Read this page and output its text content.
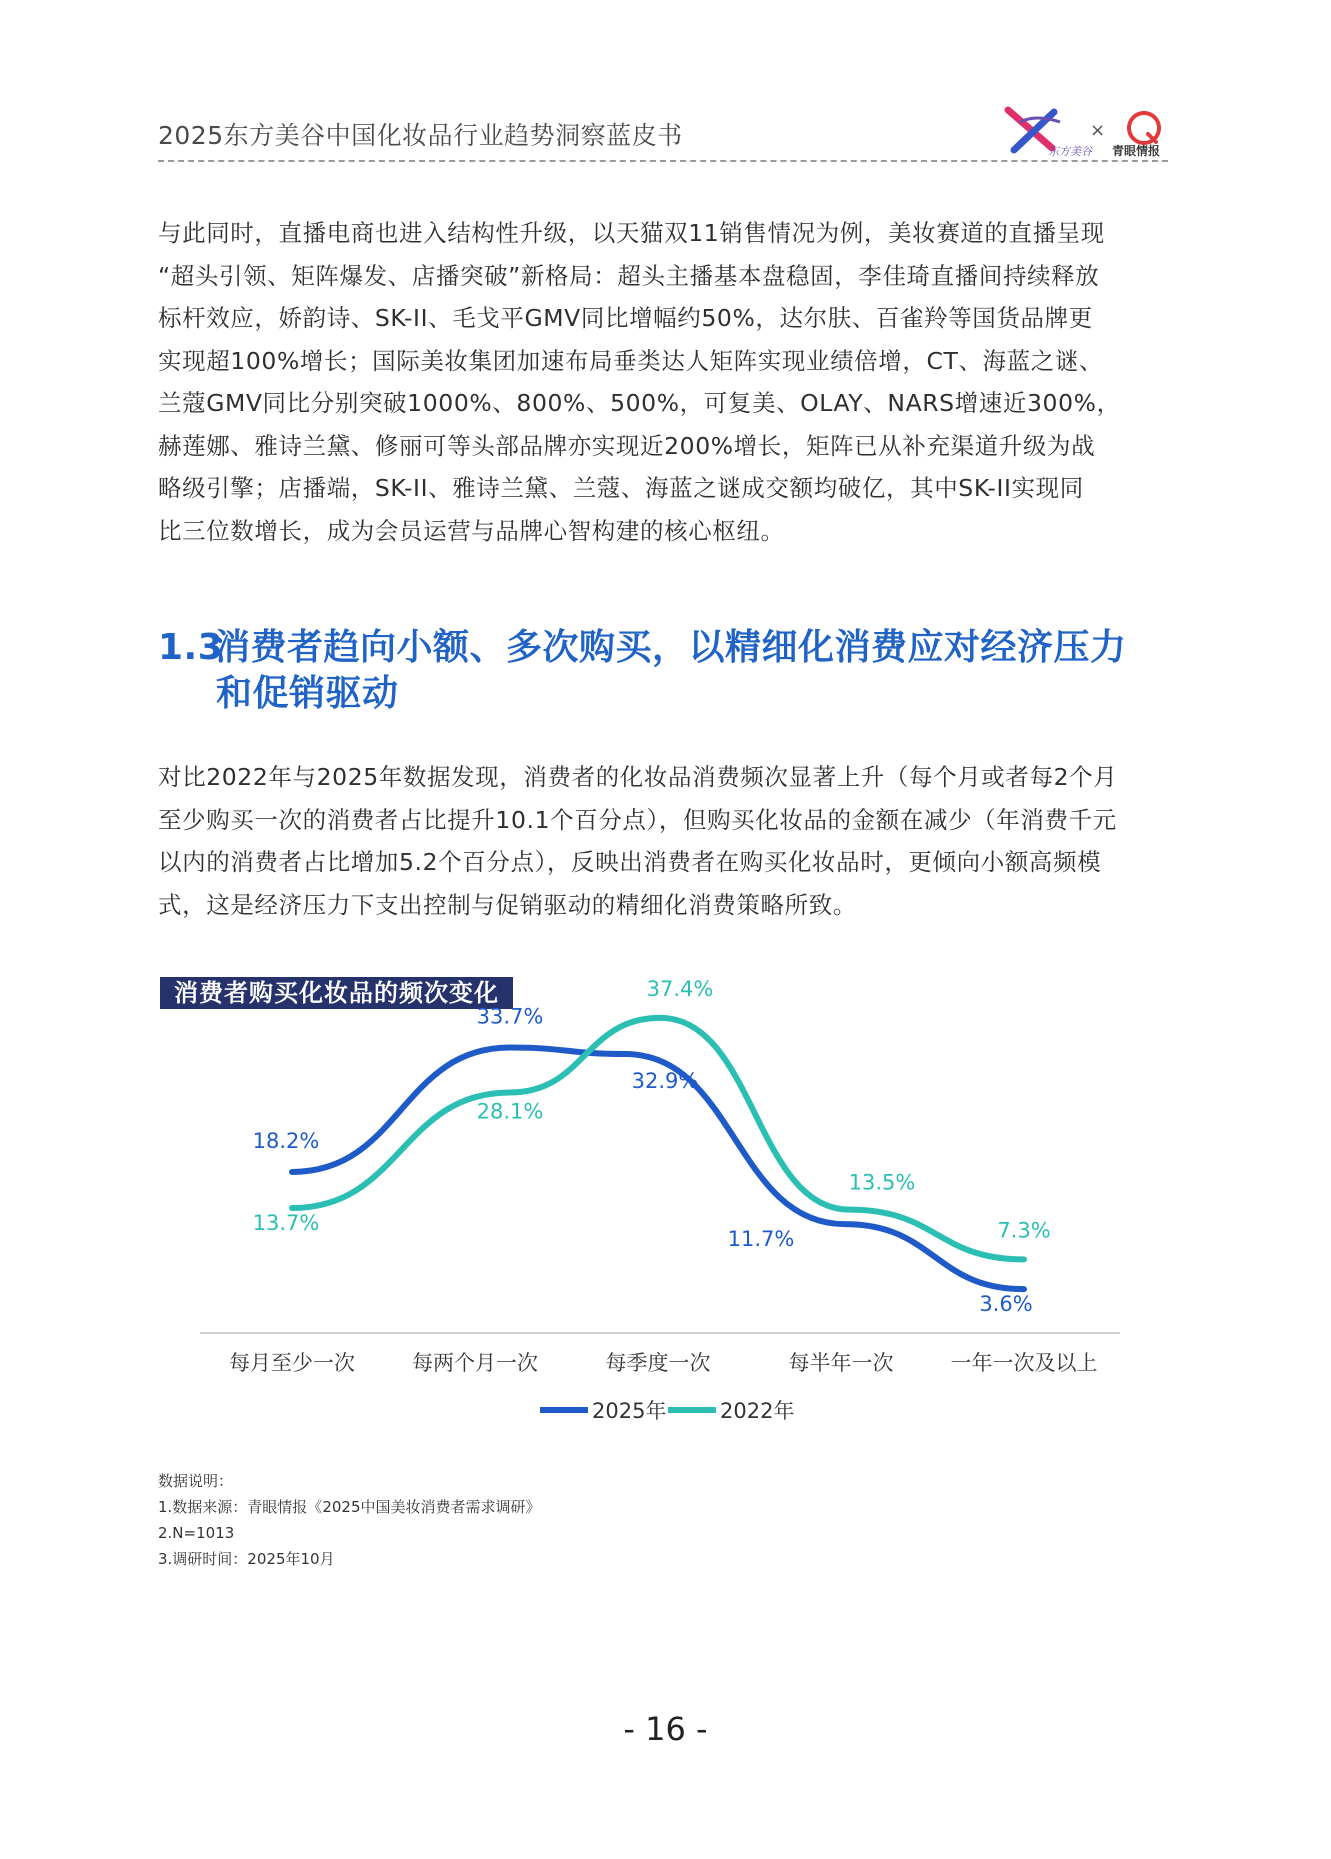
2025东方美谷中国化妆品行业趋势洞察蓝皮书
东方美谷
×
青眼情报

与此同时，直播电商也进入结构性升级，以天猫双11销售情况为例，美妆赛道的直播呈现

“超头引领、矩阵爆发、店播突破”新格局：超头主播基本盘稳固，李佳琦直播间持续释放

标杆效应，娇韵诗、SK-II、毛戈平GMV同比增幅约50%，达尔肤、百雀羚等国货品牌更

实现超100%增长；国际美妆集团加速布局垂类达人矩阵实现业绩倍增，CT、海蓝之谜、

兰蔻GMV同比分别突破1000%、800%、500%，可复美、OLAY、NARS增速近300%，

赫莲娜、雅诗兰黛、修丽可等头部品牌亦实现近200%增长，矩阵已从补充渠道升级为战

略级引擎；店播端，SK-II、雅诗兰黛、兰蔻、海蓝之谜成交额均破亿，其中SK-II实现同

比三位数增长，成为会员运营与品牌心智构建的核心枢纽。

1.3消费者趋向小额、多次购买，以精细化消费应对经济压力
和促销驱动

对比2022年与2025年数据发现，消费者的化妆品消费频次显著上升（每个月或者每2个月

至少购买一次的消费者占比提升10.1个百分点），但购买化妆品的金额在减少（年消费千元

以内的消费者占比增加5.2个百分点），反映出消费者在购买化妆品时，更倾向小额高频模

式，这是经济压力下支出控制与促销驱动的精细化消费策略所致。

消费者购买化妆品的频次变化
每月至少一次	每两个月一次	每季度一次	每半年一次	一年一次及以上
18.2%
33.7%
32.9%
11.7%
3.6%
13.7%
28.1%
37.4%
13.5%
7.3%
2025年	2022年
数据说明：
1.数据来源：青眼情报《2025中国美妆消费者需求调研》
2.N=1013
3.调研时间：2025年10月
- 16 -
